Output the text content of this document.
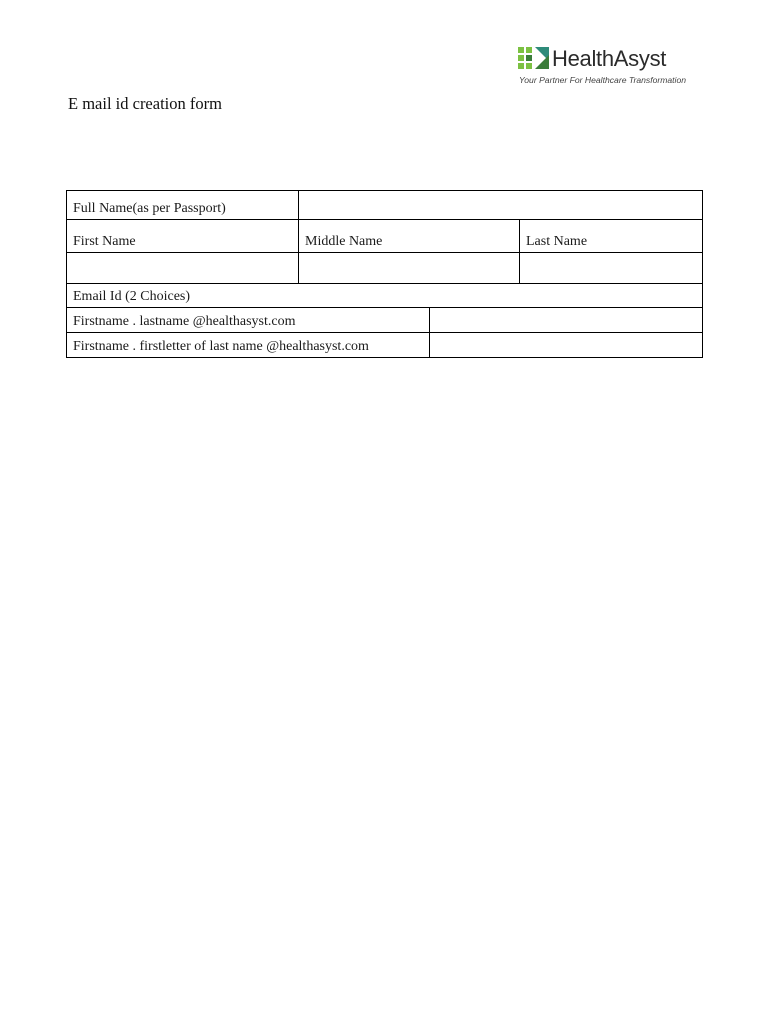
HealthAsyst
Your Partner For Healthcare Transformation
E mail id creation form
Full Name(as per Passport)			

First Name	Middle Name		Last Name

Email Id (2 Choices)			

Firstname . lastname @healthasyst.com			

Firstname . firstletter of last name @healthasyst.com			
